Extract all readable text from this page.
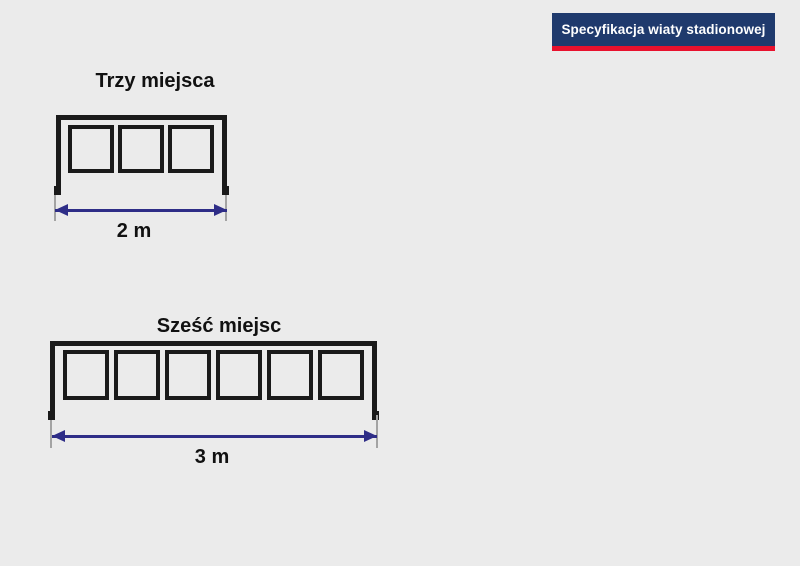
Specyfikacja wiaty stadionowej
Trzy miejsca
2 m
Sześć miejsc
3 m
